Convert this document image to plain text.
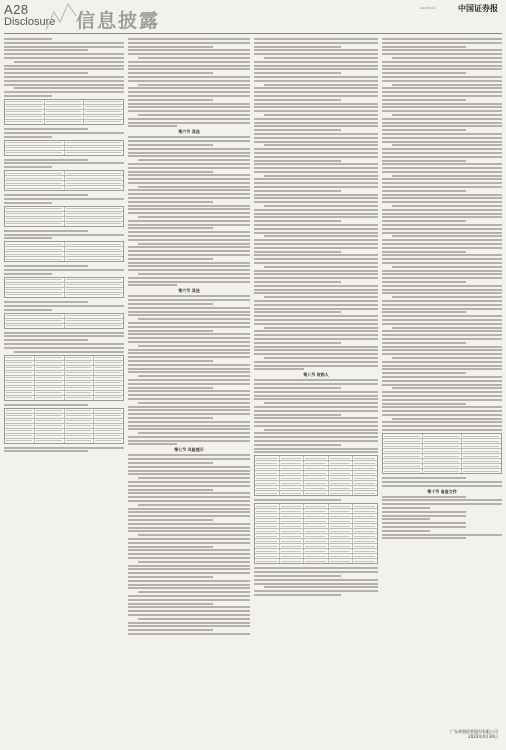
A28
Disclosure 信息披露
2024年4月	中国证券报
第六节 其他
第六节 其他
第七节 风险提示
第八节 收购人
第十节 备查文件
广东华润资管股份有限公司
2024年4月30日
